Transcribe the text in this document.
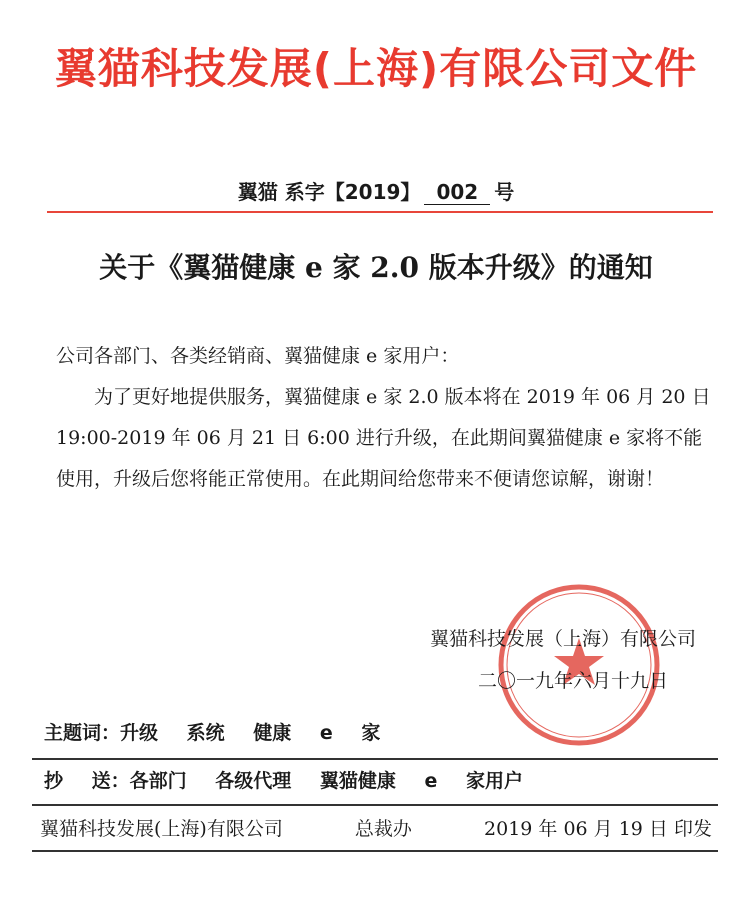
翼猫科技发展(上海)有限公司文件
翼猫 系字【2019】 002 号
关于《翼猫健康 e 家 2.0 版本升级》的通知

公司各部门、各类经销商、翼猫健康 e 家用户：

为了更好地提供服务，翼猫健康 e 家 2.0 版本将在 2019 年 06 月 20 日 19:00-2019 年 06 月 21 日 6:00 进行升级，在此期间翼猫健康 e 家将不能使用，升级后您将能正常使用。在此期间给您带来不便请您谅解，谢谢！

翼猫科技发展（上海）有限公司
二〇一九年六月十九日
主题词：升级 系统 健康 e 家
抄 送：各部门 各级代理 翼猫健康 e 家用户
翼猫科技发展(上海)有限公司	总裁办	2019 年 06 月 19 日 印发
